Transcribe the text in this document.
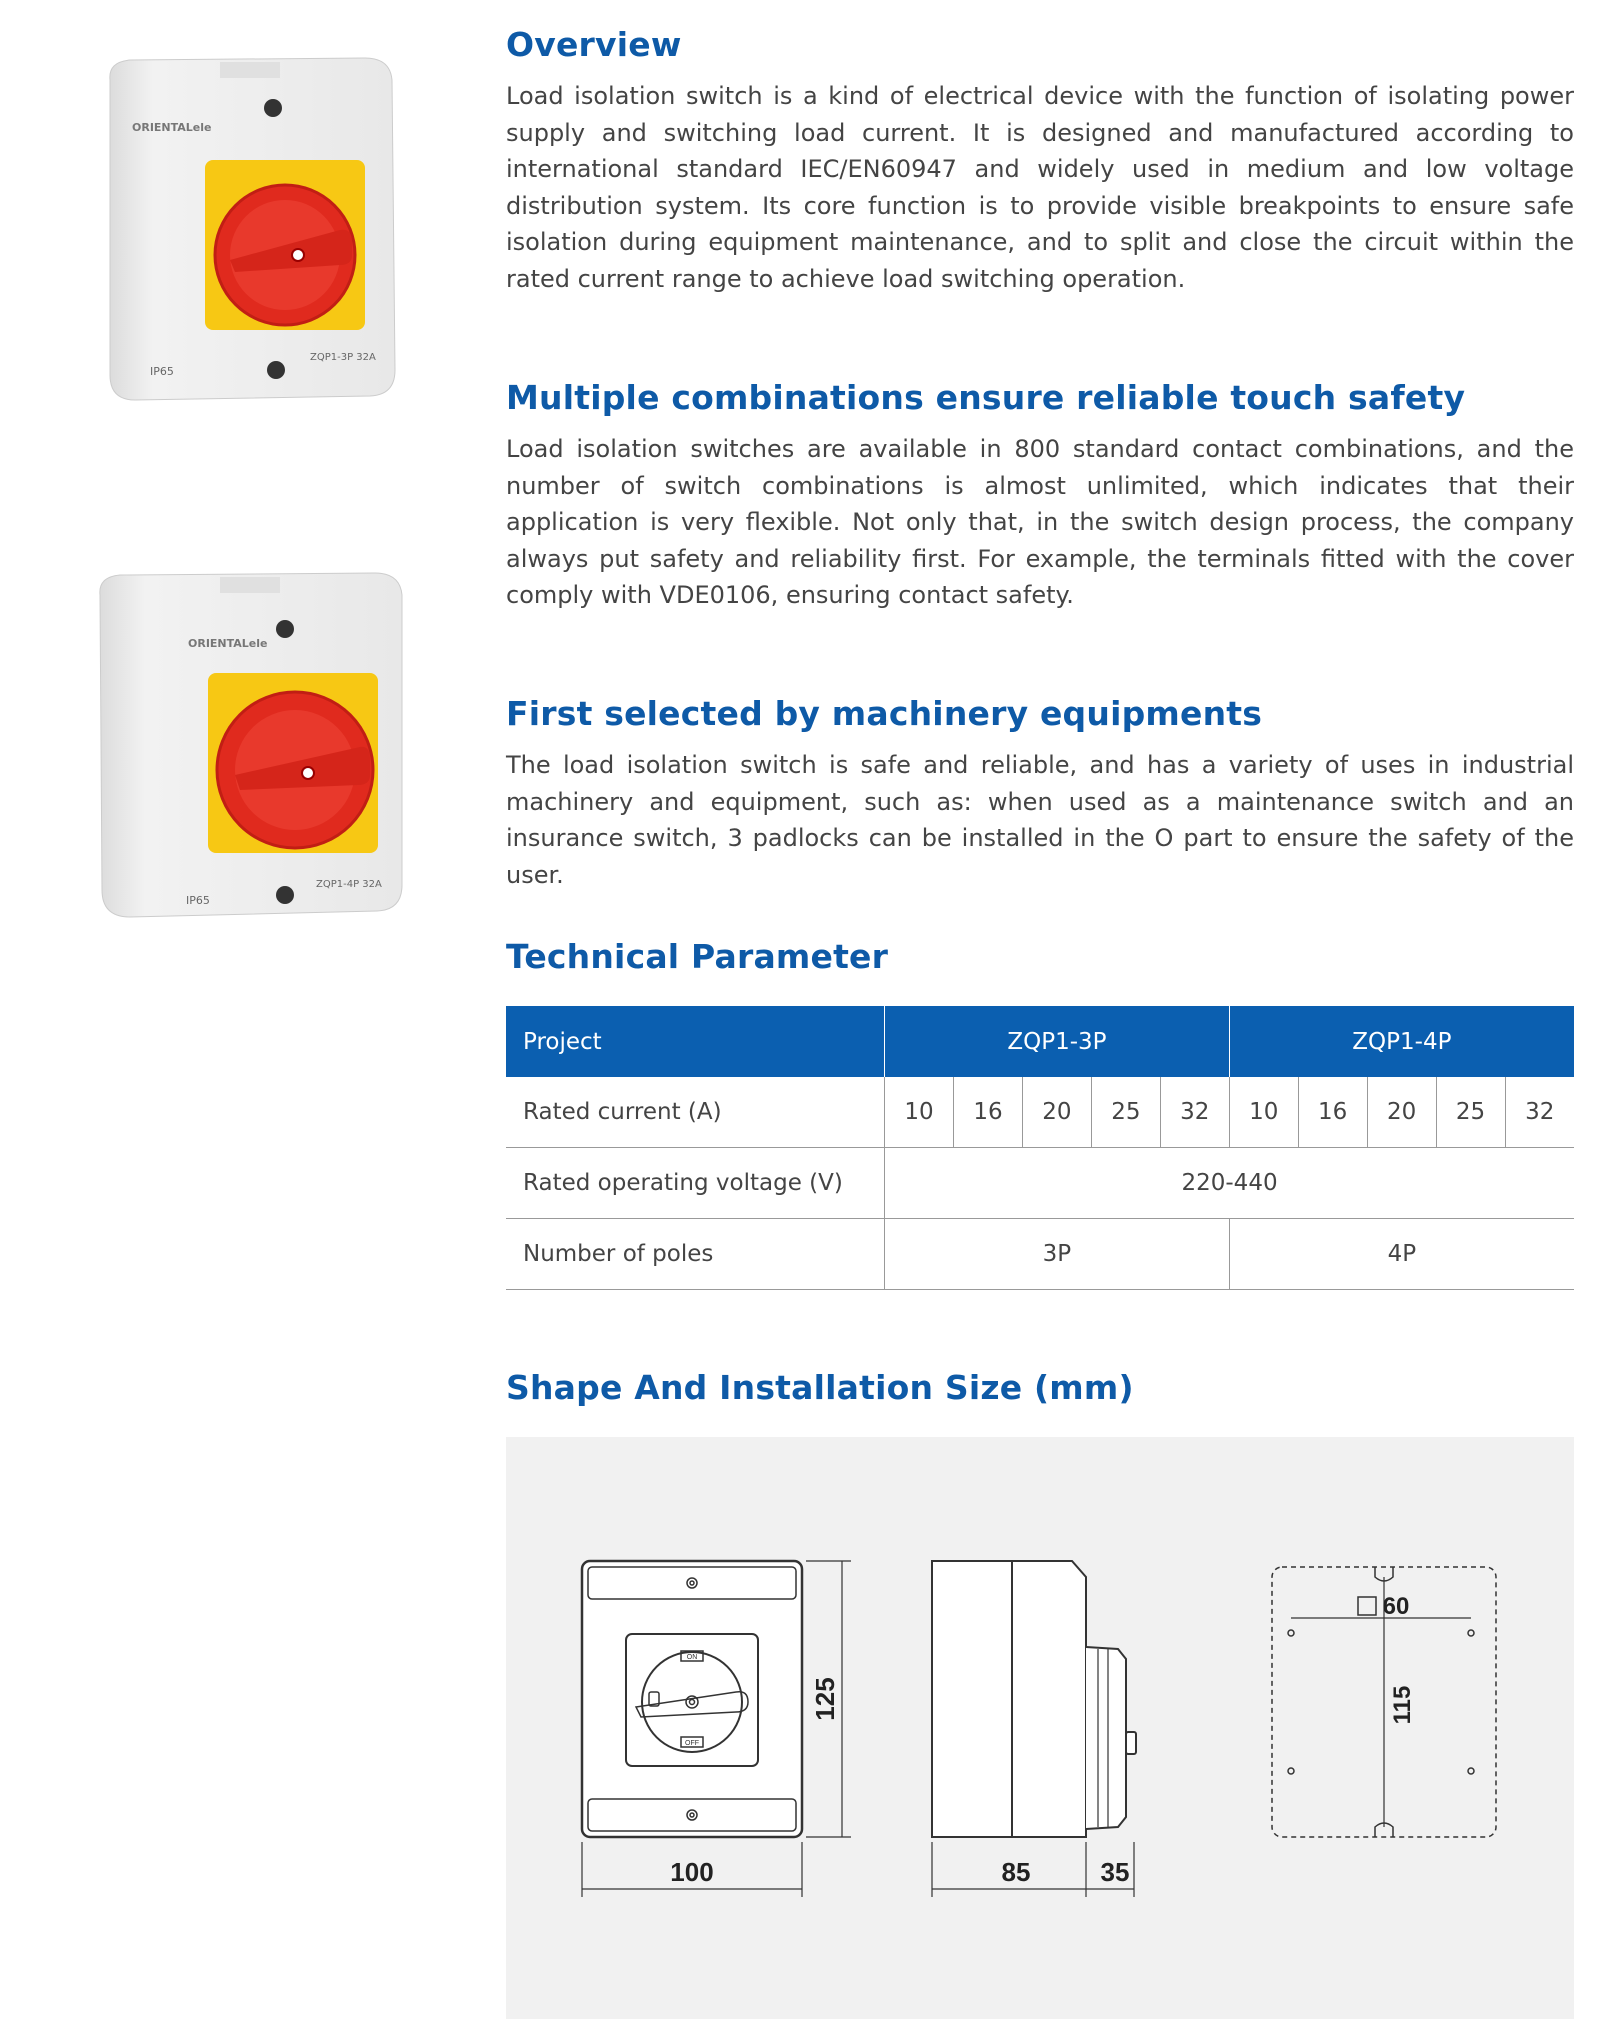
ORIENTALele
IP65
ZQP1-3P 32A
ORIENTALele
IP65
ZQP1-4P 32A
Overview

Load isolation switch is a kind of electrical device with the function of isolating power supply and switching load current. It is designed and manufactured according to international standard IEC/EN60947 and widely used in medium and low voltage distribution system. Its core function is to provide visible breakpoints to ensure safe isolation during equipment maintenance, and to split and close the circuit within the rated current range to achieve load switching operation.

Multiple combinations ensure reliable touch safety

Load isolation switches are available in 800 standard contact combinations, and the number of switch combinations is almost unlimited, which indicates that their application is very flexible. Not only that, in the switch design process, the company always put safety and reliability first. For example, the terminals fitted with the cover comply with VDE0106, ensuring contact safety.

First selected by machinery equipments

The load isolation switch is safe and reliable, and has a variety of uses in industrial machinery and equipment, such as: when used as a maintenance switch and an insurance switch, 3 padlocks can be installed in the O part to ensure the safety of the user.

Technical Parameter
Project	ZQP1-3P					ZQP1-4P				
Rated current (A)	10	16	20	25	32	10	16	20	25	32
Rated operating voltage (V)	220-440									
Number of poles	3P					4P				
Shape And Installation Size (mm)
ON
OFF
125
100	85	35
60
115
